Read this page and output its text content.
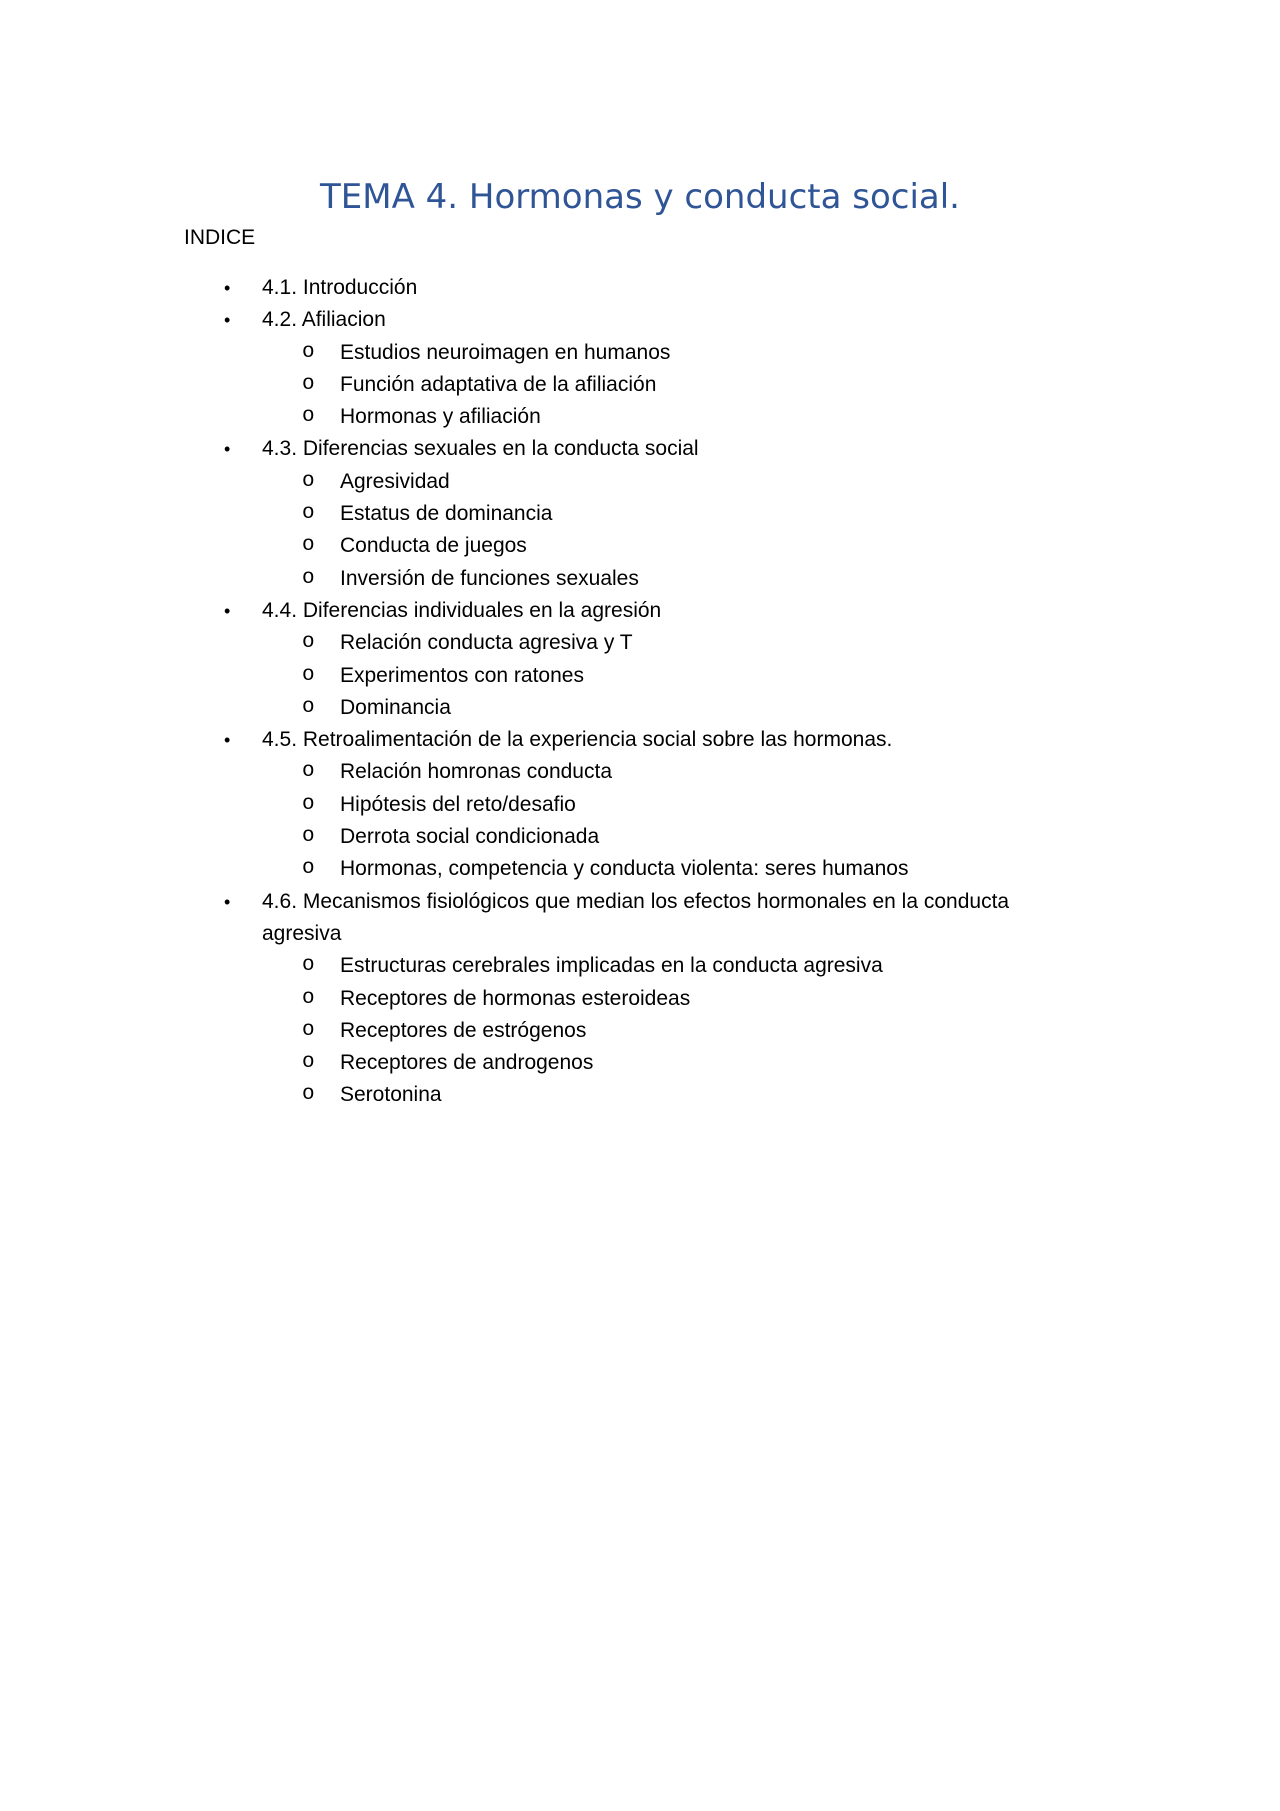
TEMA 4. Hormonas y conducta social.

INDICE

• 4.1. Introducción
• 4.2. Afiliacion
o Estudios neuroimagen en humanos
o Función adaptativa de la afiliación
o Hormonas y afiliación
• 4.3. Diferencias sexuales en la conducta social
o Agresividad
o Estatus de dominancia
o Conducta de juegos
o Inversión de funciones sexuales
• 4.4. Diferencias individuales en la agresión
o Relación conducta agresiva y T
o Experimentos con ratones
o Dominancia
• 4.5. Retroalimentación de la experiencia social sobre las hormonas.
o Relación homronas conducta
o Hipótesis del reto/desafio
o Derrota social condicionada
o Hormonas, competencia y conducta violenta: seres humanos
• 4.6. Mecanismos fisiológicos que median los efectos hormonales en la conducta agresiva
o Estructuras cerebrales implicadas en la conducta agresiva
o Receptores de hormonas esteroideas
o Receptores de estrógenos
o Receptores de androgenos
o Serotonina
